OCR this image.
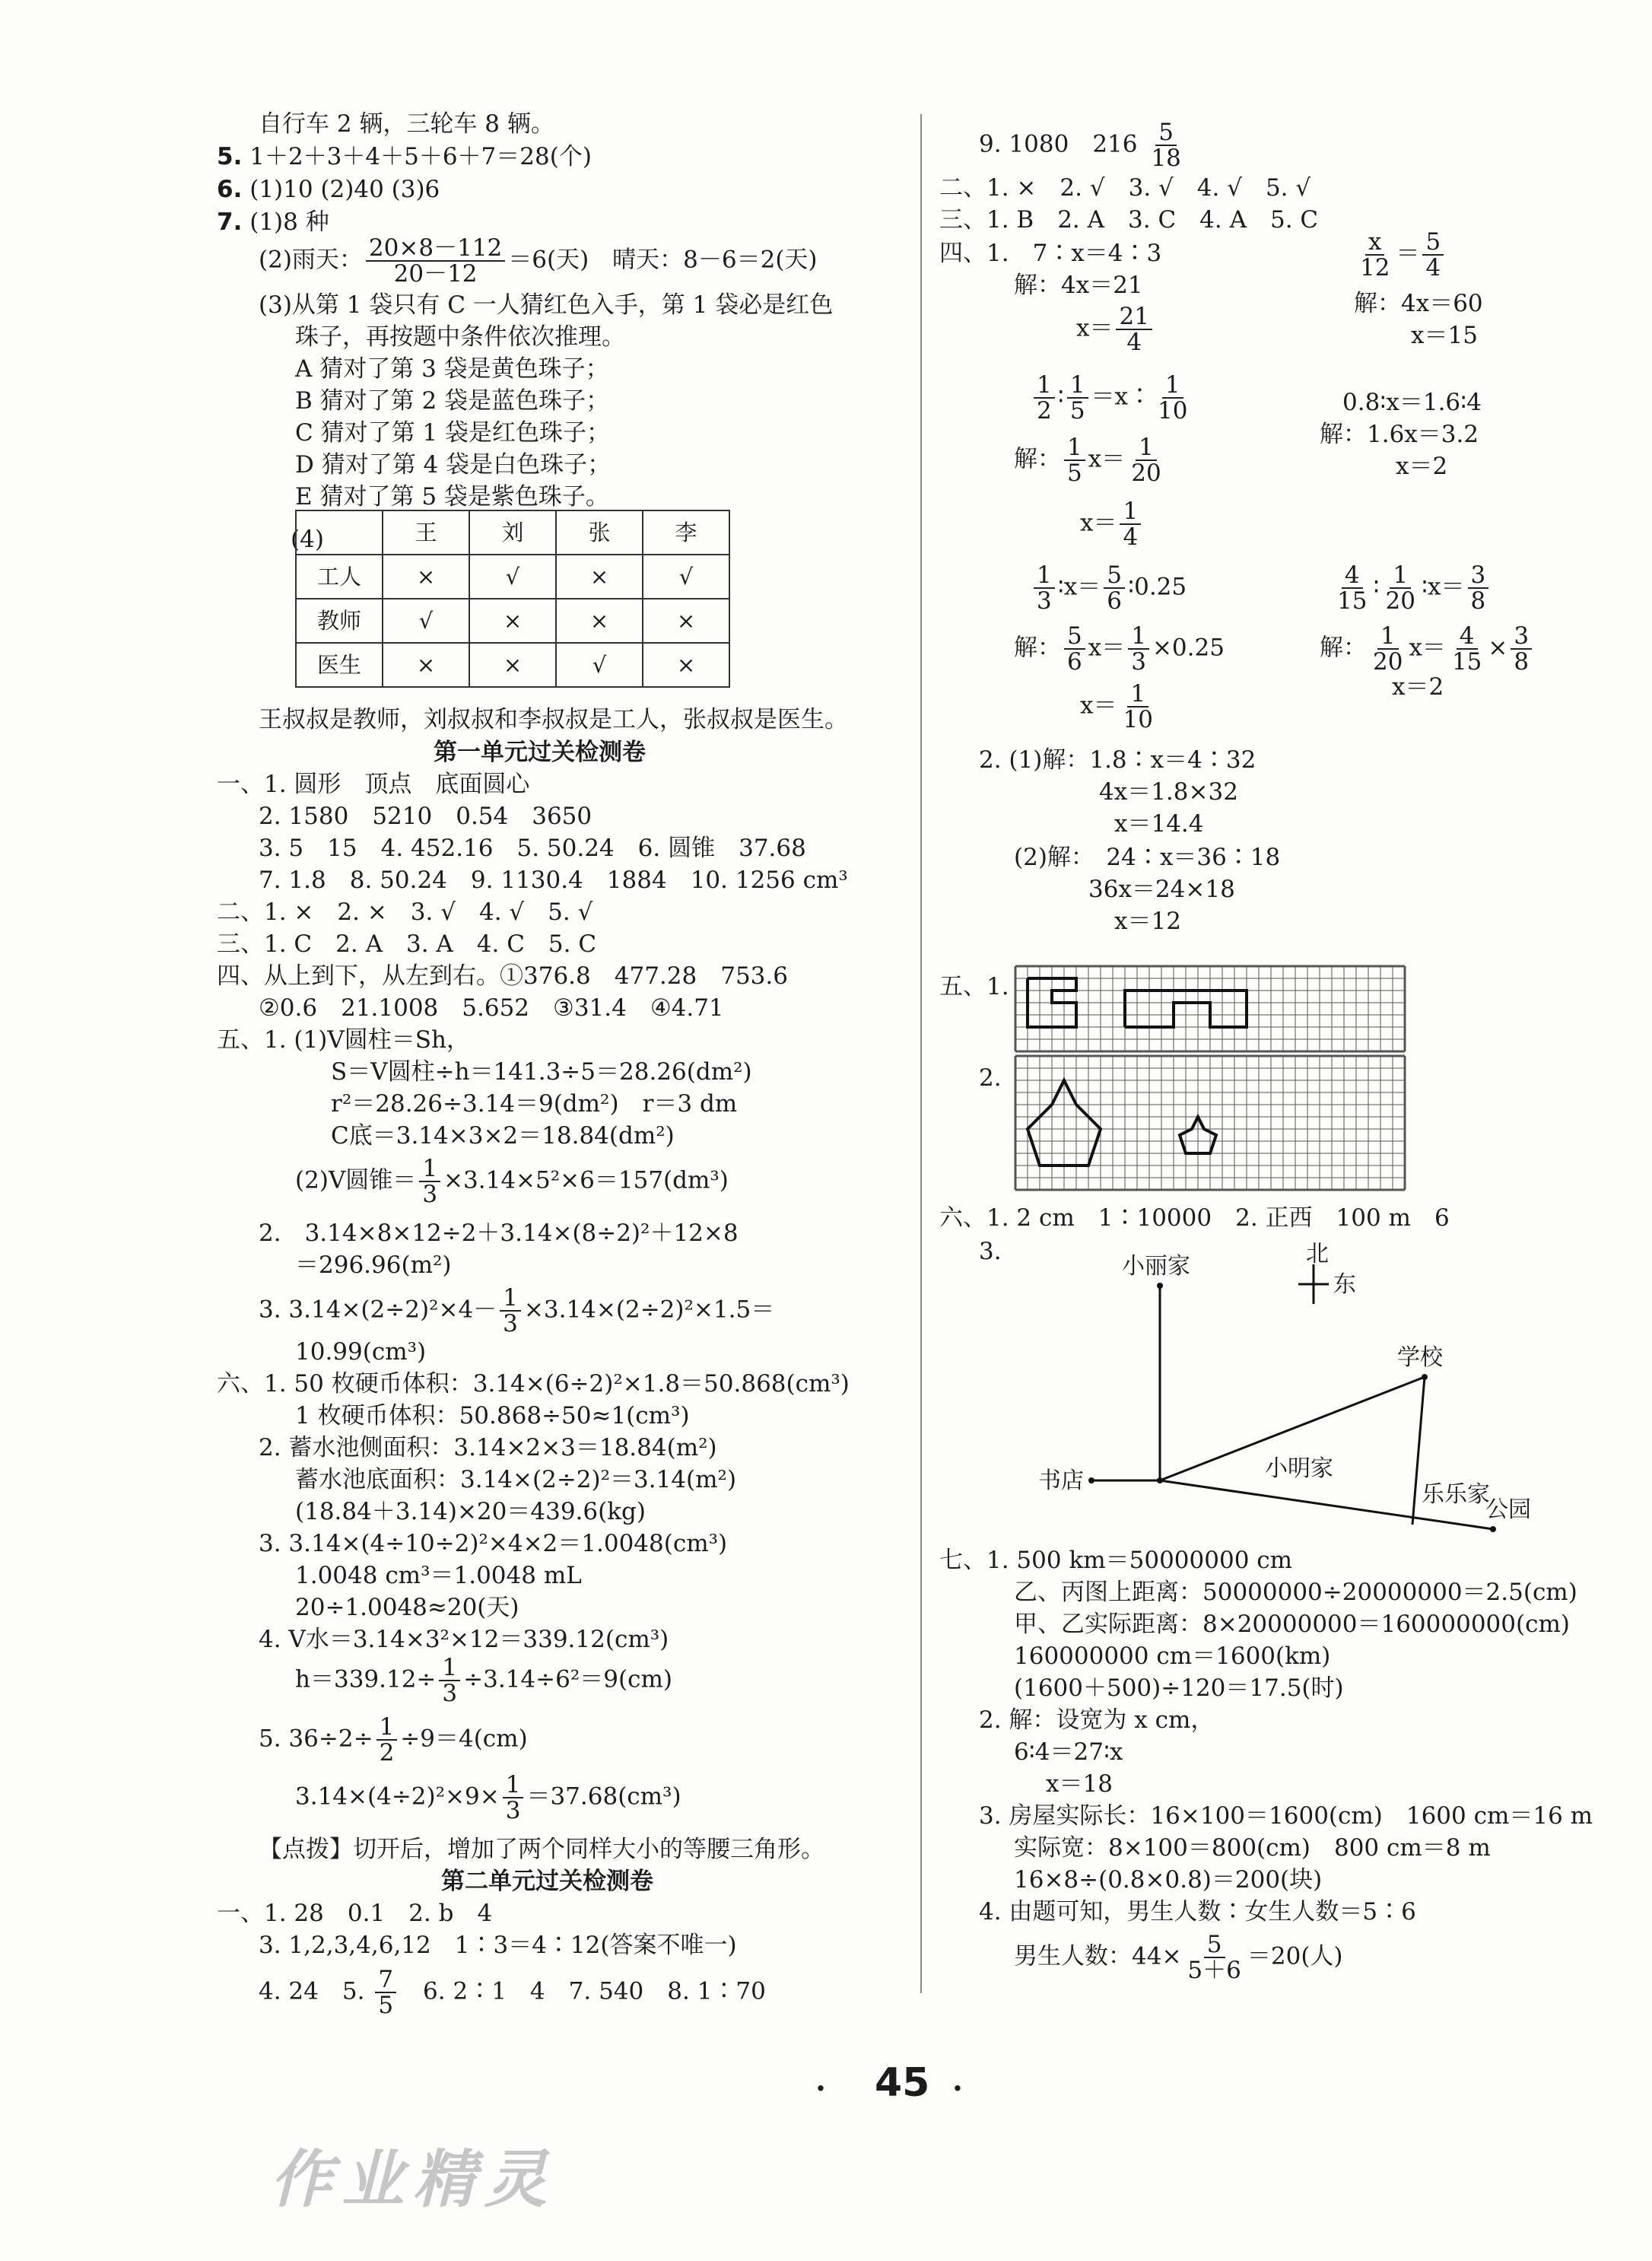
自行车 2 辆，三轮车 8 辆。
5. 1＋2＋3＋4＋5＋6＋7＝28(个)
6. (1)10 (2)40 (3)6
7. (1)8 种
(2)雨天： $\frac{20\times 8-112}{20-12} =6$(天)　晴天：8－6＝2(天)
(3)从第 1 袋只有 C 一人猜红色入手，第 1 袋必是红色
珠子，再按题中条件依次推理。
A 猜对了第 3 袋是黄色珠子；
B 猜对了第 2 袋是蓝色珠子；
C 猜对了第 1 袋是红色珠子；
D 猜对了第 4 袋是白色珠子；
E 猜对了第 5 袋是紫色珠子。
(4)
		王	刘	张	李
工人	×	√	×	√
教师	√	×	×	×
医生	×	×	√	×
王叔叔是教师，刘叔叔和李叔叔是工人，张叔叔是医生。
第一单元过关检测卷
一、1. 圆形　顶点　底面圆心
2. 1580　5210　0.54　3650
3. 5　15　4. 452.16　5. 50.24　6. 圆锥　37.68
7. 1.8　8. 50.24　9. 1130.4　1884　10. 1256 cm³
二、1. ×　2. ×　3. √　4. √　5. √
三、1. C　2. A　3. A　4. C　5. C
四、从上到下，从左到右。①376.8　477.28　753.6
②0.6　21.1008　5.652　③31.4　④4.71
五、1. (1)V圆柱＝Sh，
S＝V圆柱÷h＝141.3÷5＝28.26(dm²)
r²＝28.26÷3.14＝9(dm²)　r＝3 dm
C底＝3.14×3×2＝18.84(dm²)
(2)V圆锥＝ $\frac{1}{3} \times 3.14\times 5^2\times 6=157(dm^3)$
2.　3.14×8×12÷2＋3.14×(8÷2)²＋12×8
＝296.96(m²)
3. $3.14\times(2\div 2)^2\times 4- \frac{1}{3} \times 3.14\times(2\div 2)^2\times 1.5=$
10.99(cm³)
六、1. 50 枚硬币体积：3.14×(6÷2)²×1.8＝50.868(cm³)
1 枚硬币体积：50.868÷50≈1(cm³)
2. 蓄水池侧面积：3.14×2×3＝18.84(m²)
蓄水池底面积：3.14×(2÷2)²＝3.14(m²)
(18.84＋3.14)×20＝439.6(kg)
3. 3.14×(4÷10÷2)²×4×2＝1.0048(cm³)
1.0048 cm³＝1.0048 mL
20÷1.0048≈20(天)
4. V水＝3.14×3²×12＝339.12(cm³)
$h=339.12\div \frac{1}{3} \div 3.14\div 6^2=9(cm)$
5. $36\div 2\div \frac{1}{2} \div 9=4(cm)$
$3.14\times(4\div 2)^2\times 9\times \frac{1}{3} =37.68(cm^3)$
【点拨】切开后，增加了两个同样大小的等腰三角形。
第二单元过关检测卷
一、1. 28　0.1　2. b　4
3. 1,2,3,4,6,12　1∶3＝4∶12(答案不唯一)
4. 24　5. $\frac{7}{5}$ 　6. 2∶1　4　7. 540　8. 1∶70
9. 1080　$216 \frac{5}{18}$
二、1. ×　2. √　3. √　4. √　5. √
三、1. B　2. A　3. C　4. A　5. C
四、1.　7∶x＝4∶3
解：4x＝21
$x= \frac{21}{4}$
$\frac{x}{12} = \frac{5}{4}$
解：4x＝60
x＝15
$\frac{1}{2}$ ∶ $\frac{1}{5}$ ＝x∶ $\frac{1}{10}$	0.8∶x＝1.6∶4
解： $\frac{1}{5} x= \frac{1}{20}$
解：1.6x＝3.2
x＝2
$x= \frac{1}{4}$
$\frac{1}{3}$ ∶x＝ $\frac{5}{6}$ ∶0.25	$\frac{4}{15}$ ∶ $\frac{1}{20}$ ∶x＝ $\frac{3}{8}$
解： $\frac{5}{6} x= \frac{1}{3} \times 0.25$	解： $\frac{1}{20} x= \frac{4}{15} \times \frac{3}{8}$
$x= \frac{1}{10}$	x＝2
2. (1)解：1.8∶x＝4∶32
4x＝1.8×32
x＝14.4
(2)解：　24∶x＝36∶18
36x＝24×18
x＝12
五、1.
2.
六、1. 2 cm　1∶10000　2. 正西　100 m　6
3.
小丽家	北
东
学校
书店	小明家
乐乐家
公园
七、1. 500 km＝50000000 cm
乙、丙图上距离：50000000÷20000000＝2.5(cm)
甲、乙实际距离：8×20000000＝160000000(cm)
160000000 cm＝1600(km)
(1600＋500)÷120＝17.5(时)
2. 解：设宽为 x cm，
6∶4＝27∶x
x＝18
3. 房屋实际长：16×100＝1600(cm)　1600 cm＝16 m
实际宽：8×100＝800(cm)　800 cm＝8 m
16×8÷(0.8×0.8)＝200(块)
4. 由题可知，男生人数∶女生人数＝5∶6
男生人数：$44\times \frac{5}{5+6} =20$(人)
· 45 ·
作业精灵
